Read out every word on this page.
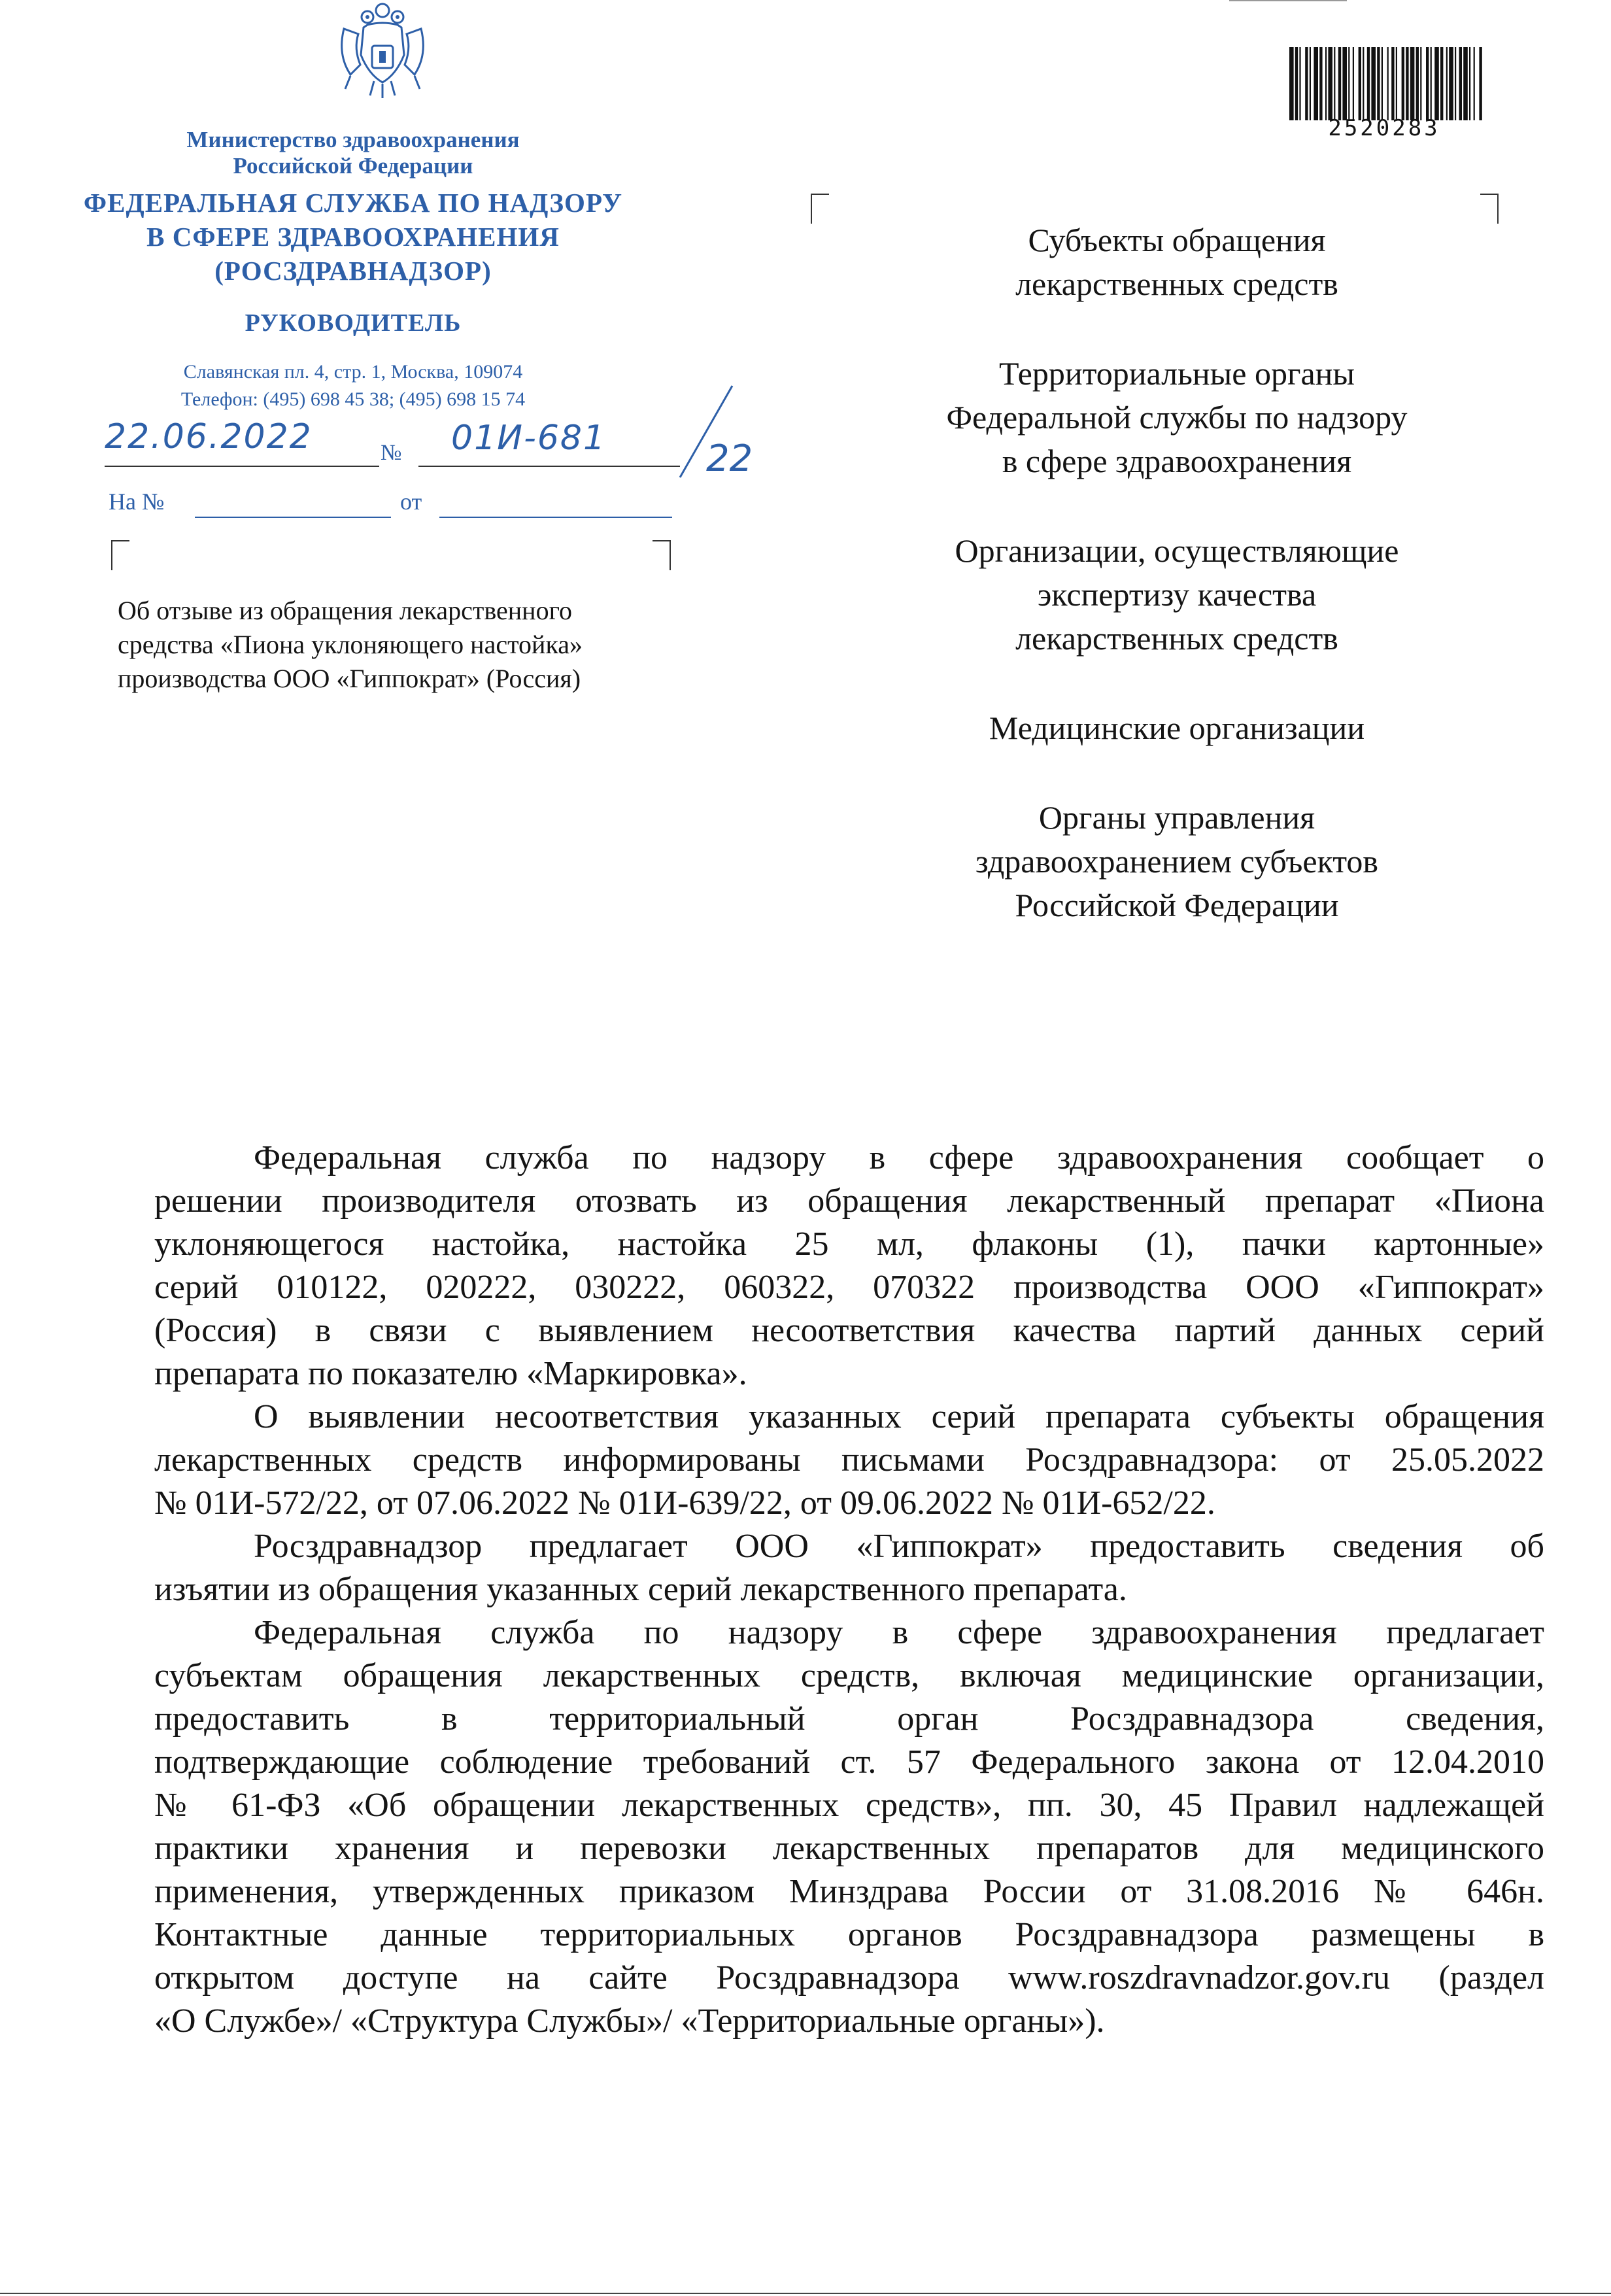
Министерство здравоохранения
Российской Федерации
ФЕДЕРАЛЬНАЯ СЛУЖБА ПО НАДЗОРУ
В СФЕРЕ ЗДРАВООХРАНЕНИЯ
(РОСЗДРАВНАДЗОР)
РУКОВОДИТЕЛЬ
Славянская пл. 4, стр. 1, Москва, 109074
Телефон: (495) 698 45 38; (495) 698 15 74
22.06.2022	№ 01И-681	22
На №	от
Об отзыве из обращения лекарственного
средства «Пиона уклоняющего настойка»
производства ООО «Гиппократ» (Россия)
2520283
Субъекты обращения
лекарственных средств
Территориальные органы
Федеральной службы по надзору
в сфере здравоохранения
Организации, осуществляющие
экспертизу качества
лекарственных средств
Медицинские организации
Органы управления
здравоохранением субъектов
Российской Федерации
Федеральная служба по надзору в сфере здравоохранения сообщает о
решении производителя отозвать из обращения лекарственный препарат «Пиона
уклоняющегося настойка, настойка 25 мл, флаконы (1), пачки картонные»
серий 010122, 020222, 030222, 060322, 070322 производства ООО «Гиппократ»
(Россия) в связи с выявлением несоответствия качества партий данных серий
препарата по показателю «Маркировка».
О выявлении несоответствия указанных серий препарата субъекты обращения
лекарственных средств информированы письмами Росздравнадзора: от 25.05.2022
№ 01И-572/22, от 07.06.2022 № 01И-639/22, от 09.06.2022 № 01И-652/22.
Росздравнадзор предлагает ООО «Гиппократ» предоставить сведения об
изъятии из обращения указанных серий лекарственного препарата.
Федеральная служба по надзору в сфере здравоохранения предлагает
субъектам обращения лекарственных средств, включая медицинские организации,
предоставить в территориальный орган Росздравнадзора сведения,
подтверждающие соблюдение требований ст. 57 Федерального закона от 12.04.2010
№ 61-ФЗ «Об обращении лекарственных средств», пп. 30, 45 Правил надлежащей
практики хранения и перевозки лекарственных препаратов для медицинского
применения, утвержденных приказом Минздрава России от 31.08.2016 № 646н.
Контактные данные территориальных органов Росздравнадзора размещены в
открытом доступе на сайте Росздравнадзора www.roszdravnadzor.gov.ru (раздел
«О Службе»/ «Структура Службы»/ «Территориальные органы»).
